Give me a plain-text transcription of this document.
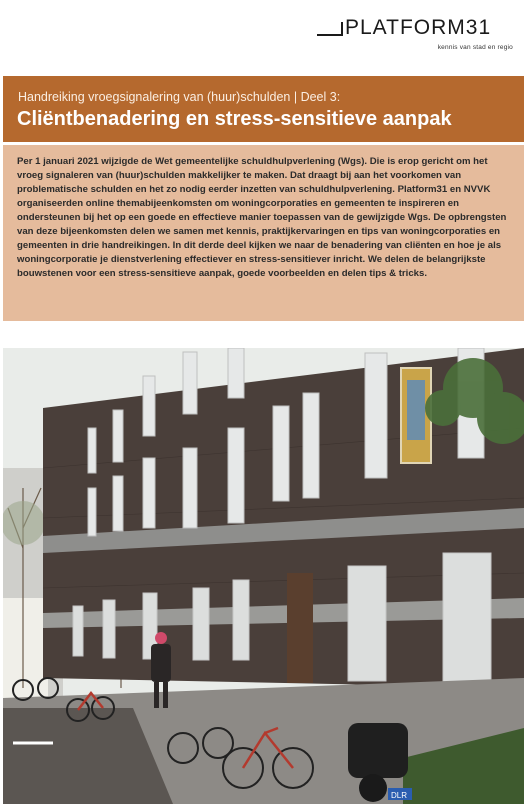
PLATFORM31
kennis van stad en regio
Handreiking vroegsignalering van (huur)schulden | Deel 3:
Cliëntbenadering en stress-sensitieve aanpak

Per 1 januari 2021 wijzigde de Wet gemeentelijke schuldhulpverlening (Wgs). Die is erop gericht om het vroeg signaleren van (huur)schulden makkelijker te maken. Dat draagt bij aan het voorkomen van problematische schulden en het zo nodig eerder inzetten van schuldhulpverlening. Platform31 en NVVK organiseerden online themabijeenkomsten om woningcorporaties en gemeenten te inspireren en ondersteunen bij het op een goede en effectieve manier toepassen van de gewijzigde Wgs. De opbrengsten van deze bijeenkomsten delen we samen met kennis, praktijkervaringen en tips van woningcorporaties en gemeenten in drie handreikingen. In dit derde deel kijken we naar de benadering van cliënten en hoe je als woningcorporatie je dienstverlening effectiever en stress-sensitiever inricht. We delen de belangrijkste bouwstenen voor een stress-sensitieve aanpak, goede voorbeelden en delen tips & tricks.

DLR
